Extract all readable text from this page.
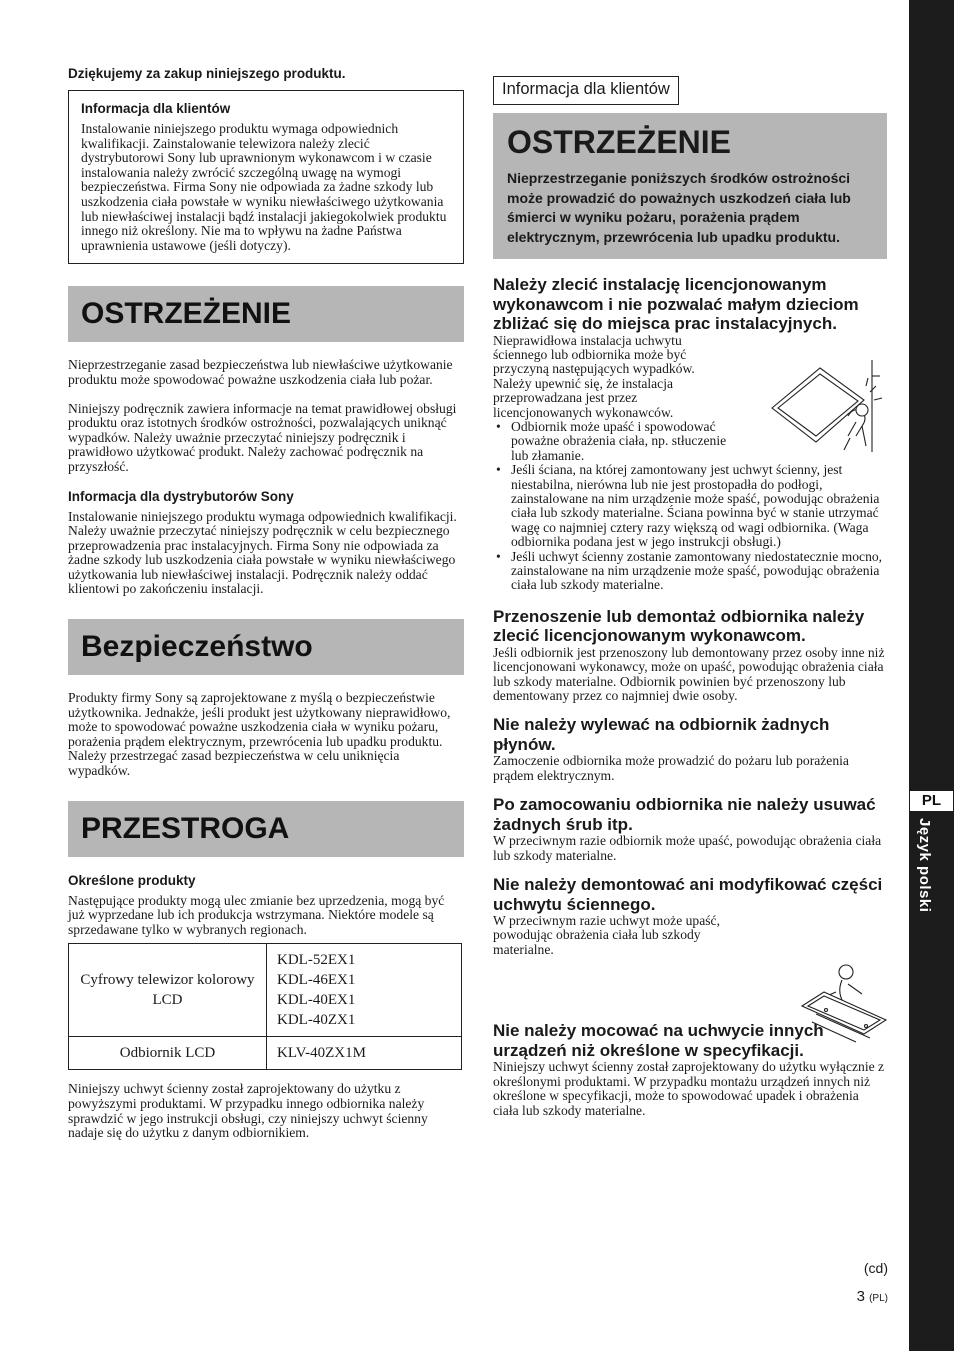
Dziękujemy za zakup niniejszego produktu.
Informacja dla klientów
Instalowanie niniejszego produktu wymaga odpowiednich kwalifikacji. Zainstalowanie telewizora należy zlecić dystrybutorowi Sony lub uprawnionym wykonawcom i w czasie instalowania należy zwrócić szczególną uwagę na wymogi bezpieczeństwa. Firma Sony nie odpowiada za żadne szkody lub uszkodzenia ciała powstałe w wyniku niewłaściwego użytkowania lub niewłaściwej instalacji bądź instalacji jakiegokolwiek produktu innego niż określony. Nie ma to wpływu na żadne Państwa uprawnienia ustawowe (jeśli dotyczy).
OSTRZEŻENIE
Nieprzestrzeganie zasad bezpieczeństwa lub niewłaściwe użytkowanie produktu może spowodować poważne uszkodzenia ciała lub pożar.
Niniejszy podręcznik zawiera informacje na temat prawidłowej obsługi produktu oraz istotnych środków ostrożności, pozwalających uniknąć wypadków. Należy uważnie przeczytać niniejszy podręcznik i prawidłowo użytkować produkt. Należy zachować podręcznik na przyszłość.
Informacja dla dystrybutorów Sony
Instalowanie niniejszego produktu wymaga odpowiednich kwalifikacji. Należy uważnie przeczytać niniejszy podręcznik w celu bezpiecznego przeprowadzenia prac instalacyjnych. Firma Sony nie odpowiada za żadne szkody lub uszkodzenia ciała powstałe w wyniku niewłaściwego użytkowania lub niewłaściwej instalacji. Podręcznik należy oddać klientowi po zakończeniu instalacji.
Bezpieczeństwo
Produkty firmy Sony są zaprojektowane z myślą o bezpieczeństwie użytkownika. Jednakże, jeśli produkt jest użytkowany nieprawidłowo, może to spowodować poważne uszkodzenia ciała w wyniku pożaru, porażenia prądem elektrycznym, przewrócenia lub upadku produktu. Należy przestrzegać zasad bezpieczeństwa w celu uniknięcia wypadków.
PRZESTROGA
Określone produkty
Następujące produkty mogą ulec zmianie bez uprzedzenia, mogą być już wyprzedane lub ich produkcja wstrzymana. Niektóre modele są sprzedawane tylko w wybranych regionach.
Cyfrowy telewizor kolorowy LCD	KDL-52EX1
KDL-46EX1
KDL-40EX1
KDL-40ZX1

Odbiornik LCD	KLV-40ZX1M
Niniejszy uchwyt ścienny został zaprojektowany do użytku z powyższymi produktami. W przypadku innego odbiornika należy sprawdzić w jego instrukcji obsługi, czy niniejszy uchwyt ścienny nadaje się do użytku z danym odbiornikiem.
Informacja dla klientów
OSTRZEŻENIE
Nieprzestrzeganie poniższych środków ostrożności może prowadzić do poważnych uszkodzeń ciała lub śmierci w wyniku pożaru, porażenia prądem elektrycznym, przewrócenia lub upadku produktu.
Należy zlecić instalację licencjonowanym wykonawcom i nie pozwalać małym dzieciom zbliżać się do miejsca prac instalacyjnych.
Nieprawidłowa instalacja uchwytu ściennego lub odbiornika może być przyczyną następujących wypadków. Należy upewnić się, że instalacja przeprowadzana jest przez licencjonowanych wykonawców.
• Odbiornik może upaść i spowodować poważne obrażenia ciała, np. stłuczenie lub złamanie.
• Jeśli ściana, na której zamontowany jest uchwyt ścienny, jest niestabilna, nierówna lub nie jest prostopadła do podłogi, zainstalowane na nim urządzenie może spaść, powodując obrażenia ciała lub szkody materialne. Ściana powinna być w stanie utrzymać wagę co najmniej cztery razy większą od wagi odbiornika. (Waga odbiornika podana jest w jego instrukcji obsługi.)
• Jeśli uchwyt ścienny zostanie zamontowany niedostatecznie mocno, zainstalowane na nim urządzenie może spaść, powodując obrażenia ciała lub szkody materialne.
Przenoszenie lub demontaż odbiornika należy zlecić licencjonowanym wykonawcom.
Jeśli odbiornik jest przenoszony lub demontowany przez osoby inne niż licencjonowani wykonawcy, może on upaść, powodując obrażenia ciała lub szkody materialne. Odbiornik powinien być przenoszony lub dementowany przez co najmniej dwie osoby.
Nie należy wylewać na odbiornik żadnych płynów.
Zamoczenie odbiornika może prowadzić do pożaru lub porażenia prądem elektrycznym.
Po zamocowaniu odbiornika nie należy usuwać żadnych śrub itp.
W przeciwnym razie odbiornik może upaść, powodując obrażenia ciała lub szkody materialne.
Nie należy demontować ani modyfikować części uchwytu ściennego.
W przeciwnym razie uchwyt może upaść, powodując obrażenia ciała lub szkody materialne.
Nie należy mocować na uchwycie innych urządzeń niż określone w specyfikacji.
Niniejszy uchwyt ścienny został zaprojektowany do użytku wyłącznie z określonymi produktami. W przypadku montażu urządzeń innych niż określone w specyfikacji, może to spowodować upadek i obrażenia ciała lub szkody materialne.
PL
Język polski
(cd)
3 (PL)
